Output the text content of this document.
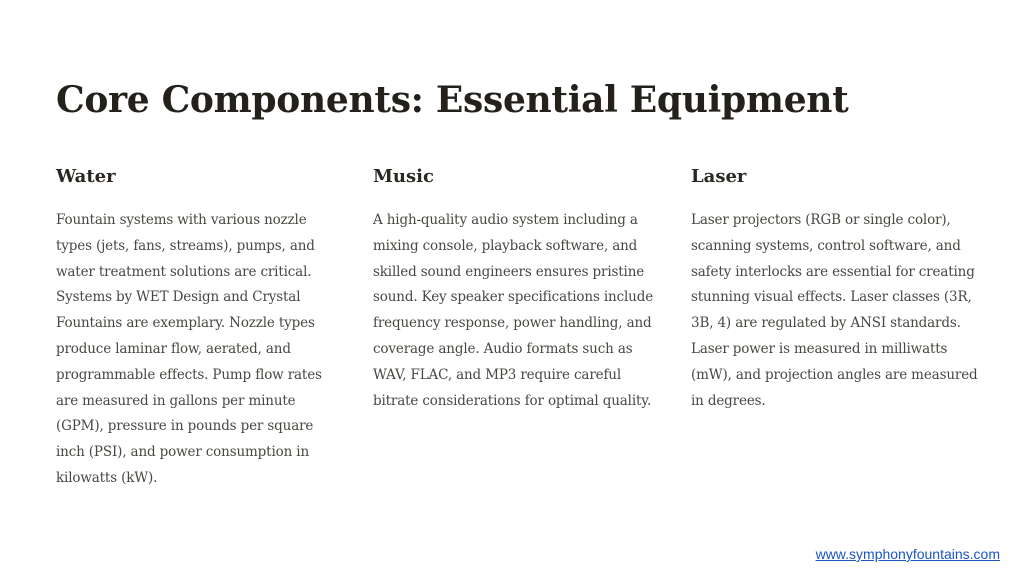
Core Components: Essential Equipment
Water

Fountain systems with various nozzle types (jets, fans, streams), pumps, and water treatment solutions are critical. Systems by WET Design and Crystal Fountains are exemplary. Nozzle types produce laminar flow, aerated, and programmable effects. Pump flow rates are measured in gallons per minute (GPM), pressure in pounds per square inch (PSI), and power consumption in kilowatts (kW).

Music

A high-quality audio system including a mixing console, playback software, and skilled sound engineers ensures pristine sound. Key speaker specifications include frequency response, power handling, and coverage angle. Audio formats such as WAV, FLAC, and MP3 require careful bitrate considerations for optimal quality.

Laser

Laser projectors (RGB or single color), scanning systems, control software, and safety interlocks are essential for creating stunning visual effects. Laser classes (3R, 3B, 4) are regulated by ANSI standards. Laser power is measured in milliwatts (mW), and projection angles are measured in degrees.

www.symphonyfountains.com
